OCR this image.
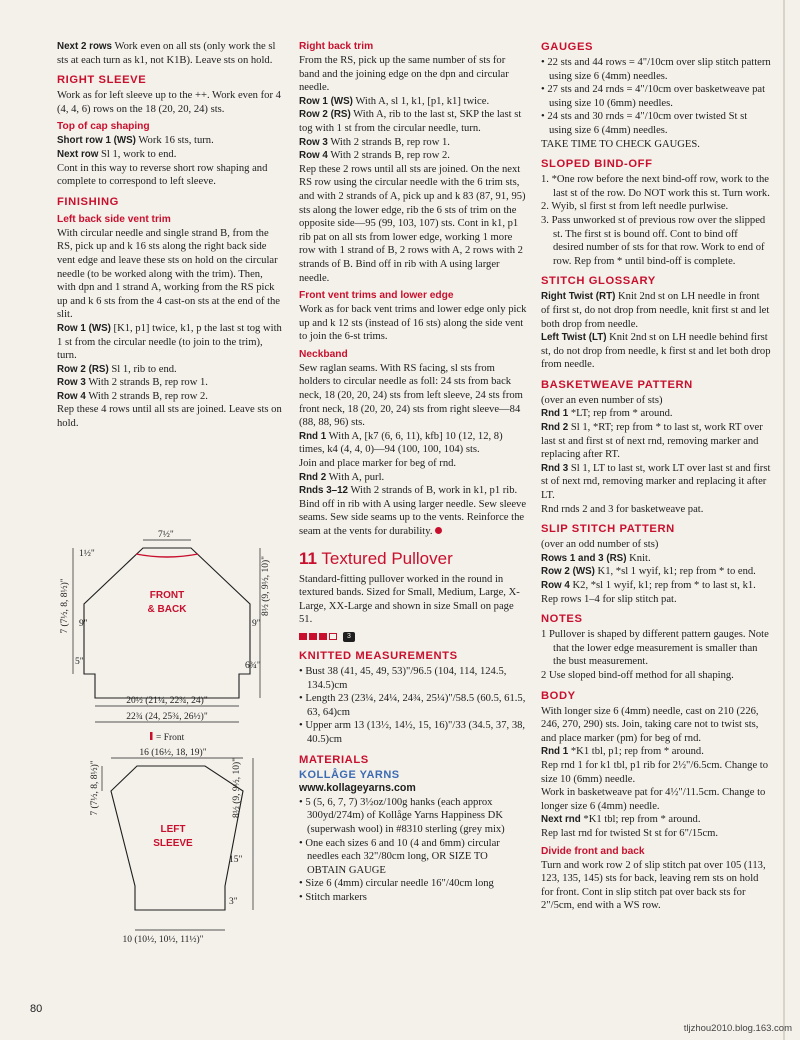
Next 2 rows Work even on all sts (only work the sl sts at each turn as k1, not K1B). Leave sts on hold.

RIGHT SLEEVE

Work as for left sleeve up to the ++. Work even for 4 (4, 4, 6) rows on the 18 (20, 20, 24) sts.

Top of cap shaping

Short row 1 (WS) Work 16 sts, turn.

Next row Sl 1, work to end.

Cont in this way to reverse short row shaping and complete to correspond to left sleeve.

FINISHING
Left back side vent trim

With circular needle and single strand B, from the RS, pick up and k 16 sts along the right back side vent edge and leave these sts on hold on the circular needle (to be worked along with the trim). Then, with dpn and 1 strand A, working from the RS pick up and k 6 sts from the 4 cast-on sts at the end of the slit.

Row 1 (WS) [K1, p1] twice, k1, p the last st tog with 1 st from the circular needle (to join to the trim), turn.

Row 2 (RS) Sl 1, rib to end.

Row 3 With 2 strands B, rep row 1.

Row 4 With 2 strands B, rep row 2.

Rep these 4 rows until all sts are joined. Leave sts on hold.

7½"
1½"
7 (7½, 8, 8½)" 9"
5"
8½ (9, 9½, 10)"
9"
6¾"
FRONT
& BACK
20½ (21¼, 22¾, 24)"
22¾ (24, 25¾, 26½)"
= Front
16 (16½, 18, 19)"
7 (7½, 8, 8½)"	8½ (9, 9½, 10)"
15"
3"
LEFT
SLEEVE
10 (10½, 10½, 11½)"
Right back trim

From the RS, pick up the same number of sts for band and the joining edge on the dpn and circular needle.

Row 1 (WS) With A, sl 1, k1, [p1, k1] twice.

Row 2 (RS) With A, rib to the last st, SKP the last st tog with 1 st from the circular needle, turn.

Row 3 With 2 strands B, rep row 1.

Row 4 With 2 strands B, rep row 2.

Rep these 2 rows until all sts are joined. On the next RS row using the circular needle with the 6 trim sts, and with 2 strands of A, pick up and k 83 (87, 91, 95) sts along the lower edge, rib the 6 sts of trim on the opposite side—95 (99, 103, 107) sts. Cont in k1, p1 rib pat on all sts from lower edge, working 1 more row with 1 strand of B, 2 rows with A, 2 rows with 2 strands of B. Bind off in rib with A using larger needle.

Front vent trims and lower edge

Work as for back vent trims and lower edge only pick up and k 12 sts (instead of 16 sts) along the side vent to join the 6-st trims.

Neckband

Sew raglan seams. With RS facing, sl sts from holders to circular needle as foll: 24 sts from back neck, 18 (20, 20, 24) sts from left sleeve, 24 sts from front neck, 18 (20, 20, 24) sts from right sleeve—84 (88, 88, 96) sts.

Rnd 1 With A, [k7 (6, 6, 11), kfb] 10 (12, 12, 8) times, k4 (4, 4, 0)—94 (100, 100, 104) sts.

Join and place marker for beg of rnd.

Rnd 2 With A, purl.

Rnds 3–12 With 2 strands of B, work in k1, p1 rib. Bind off in rib with A using larger needle. Sew sleeve seams. Sew side seams up to the vents. Reinforce the seam at the vents for durability.

11 Textured Pullover

Standard-fitting pullover worked in the round in textured bands. Sized for Small, Medium, Large, X-Large, XX-Large and shown in size Small on page 51.

3
KNITTED MEASUREMENTS

• Bust 38 (41, 45, 49, 53)"/96.5 (104, 114, 124.5, 134.5)cm

• Length 23 (23¼, 24¼, 24¾, 25¼)"/58.5 (60.5, 61.5, 63, 64)cm

• Upper arm 13 (13½, 14½, 15, 16)"/33 (34.5, 37, 38, 40.5)cm

MATERIALS
KOLLÅGE YARNS
www.kollageyarns.com

• 5 (5, 6, 7, 7) 3½oz/100g hanks (each approx 300yd/274m) of Kollåge Yarns Happiness DK (superwash wool) in #8310 sterling (grey mix)

• One each sizes 6 and 10 (4 and 6mm) circular needles each 32"/80cm long, OR SIZE TO OBTAIN GAUGE

• Size 6 (4mm) circular needle 16"/40cm long

• Stitch markers

GAUGES

• 22 sts and 44 rows = 4"/10cm over slip stitch pattern using size 6 (4mm) needles.

• 27 sts and 24 rnds = 4"/10cm over basketweave pat using size 10 (6mm) needles.

• 24 sts and 30 rnds = 4"/10cm over twisted St st using size 6 (4mm) needles.

TAKE TIME TO CHECK GAUGES.

SLOPED BIND-OFF

1. *One row before the next bind-off row, work to the last st of the row. Do NOT work this st. Turn work.

2. Wyib, sl first st from left needle purlwise.

3. Pass unworked st of previous row over the slipped st. The first st is bound off. Cont to bind off desired number of sts for that row. Work to end of row. Rep from * until bind-off is complete.

STITCH GLOSSARY

Right Twist (RT) Knit 2nd st on LH needle in front of first st, do not drop from needle, knit first st and let both drop from needle.

Left Twist (LT) Knit 2nd st on LH needle behind first st, do not drop from needle, k first st and let both drop from needle.

BASKETWEAVE PATTERN

(over an even number of sts)

Rnd 1 *LT; rep from * around.

Rnd 2 Sl 1, *RT; rep from * to last st, work RT over last st and first st of next rnd, removing marker and replacing after RT.

Rnd 3 Sl 1, LT to last st, work LT over last st and first st of next rnd, removing marker and replacing it after LT.

Rnd rnds 2 and 3 for basketweave pat.

SLIP STITCH PATTERN

(over an odd number of sts)

Rows 1 and 3 (RS) Knit.

Row 2 (WS) K1, *sl 1 wyif, k1; rep from * to end.

Row 4 K2, *sl 1 wyif, k1; rep from * to last st, k1.

Rep rows 1–4 for slip stitch pat.

NOTES

1 Pullover is shaped by different pattern gauges. Note that the lower edge measurement is smaller than the bust measurement.

2 Use sloped bind-off method for all shaping.

BODY

With longer size 6 (4mm) needle, cast on 210 (226, 246, 270, 290) sts. Join, taking care not to twist sts, and place marker (pm) for beg of rnd.

Rnd 1 *K1 tbl, p1; rep from * around.

Rep rnd 1 for k1 tbl, p1 rib for 2½"/6.5cm. Change to size 10 (6mm) needle.

Work in basketweave pat for 4½"/11.5cm. Change to longer size 6 (4mm) needle.

Next rnd *K1 tbl; rep from * around.

Rep last rnd for twisted St st for 6"/15cm.

Divide front and back

Turn and work row 2 of slip stitch pat over 105 (113, 123, 135, 145) sts for back, leaving rem sts on hold for front. Cont in slip stitch pat over back sts for 2"/5cm, end with a WS row.

80
tljzhou2010.blog.163.com
